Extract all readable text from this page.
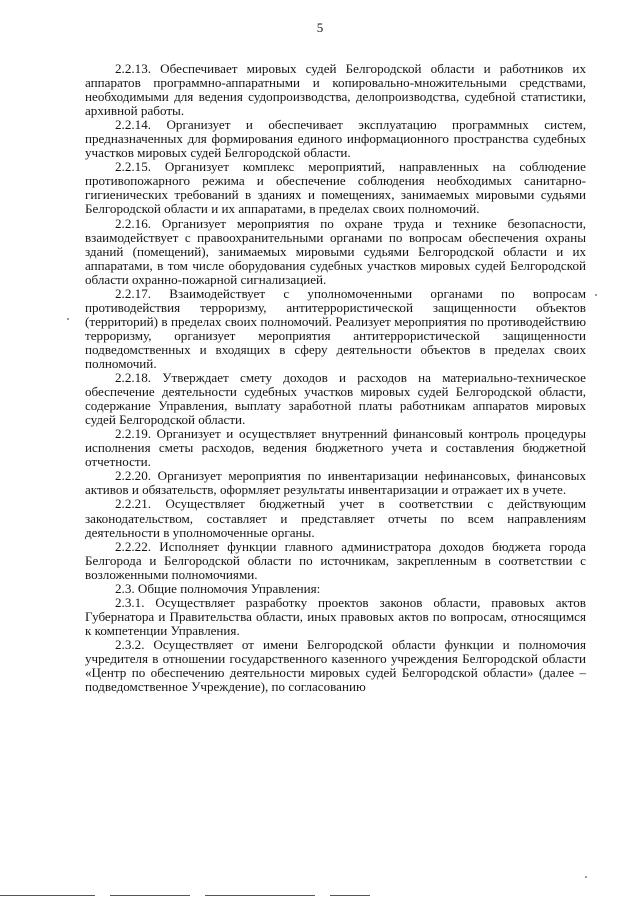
5

2.2.13. Обеспечивает мировых судей Белгородской области и работников их аппаратов программно-аппаратными и копировально-множительными средствами, необходимыми для ведения судопроизводства, делопроизводства, судебной статистики, архивной работы.

2.2.14. Организует и обеспечивает эксплуатацию программных систем, предназначенных для формирования единого информационного пространства судебных участков мировых судей Белгородской области.

2.2.15. Организует комплекс мероприятий, направленных на соблюдение противопожарного режима и обеспечение соблюдения необходимых санитарно-гигиенических требований в зданиях и помещениях, занимаемых мировыми судьями Белгородской области и их аппаратами, в пределах своих полномочий.

2.2.16. Организует мероприятия по охране труда и технике безопасности, взаимодействует с правоохранительными органами по вопросам обеспечения охраны зданий (помещений), занимаемых мировыми судьями Белгородской области и их аппаратами, в том числе оборудования судебных участков мировых судей Белгородской области охранно-пожарной сигнализацией.

2.2.17. Взаимодействует с уполномоченными органами по вопросам противодействия терроризму, антитеррористической защищенности объектов (территорий) в пределах своих полномочий. Реализует мероприятия по противодействию терроризму, организует мероприятия антитеррористической защищенности подведомственных и входящих в сферу деятельности объектов в пределах своих полномочий.

2.2.18. Утверждает смету доходов и расходов на материально-техническое обеспечение деятельности судебных участков мировых судей Белгородской области, содержание Управления, выплату заработной платы работникам аппаратов мировых судей Белгородской области.

2.2.19. Организует и осуществляет внутренний финансовый контроль процедуры исполнения сметы расходов, ведения бюджетного учета и составления бюджетной отчетности.

2.2.20. Организует мероприятия по инвентаризации нефинансовых, финансовых активов и обязательств, оформляет результаты инвентаризации и отражает их в учете.

2.2.21. Осуществляет бюджетный учет в соответствии с действующим законодательством, составляет и представляет отчеты по всем направлениям деятельности в уполномоченные органы.

2.2.22. Исполняет функции главного администратора доходов бюджета города Белгорода и Белгородской области по источникам, закрепленным в соответствии с возложенными полномочиями.

2.3. Общие полномочия Управления:

2.3.1. Осуществляет разработку проектов законов области, правовых актов Губернатора и Правительства области, иных правовых актов по вопросам, относящимся к компетенции Управления.

2.3.2. Осуществляет от имени Белгородской области функции и полномочия учредителя в отношении государственного казенного учреждения Белгородской области «Центр по обеспечению деятельности мировых судей Белгородской области» (далее – подведомственное Учреждение), по согласованию
